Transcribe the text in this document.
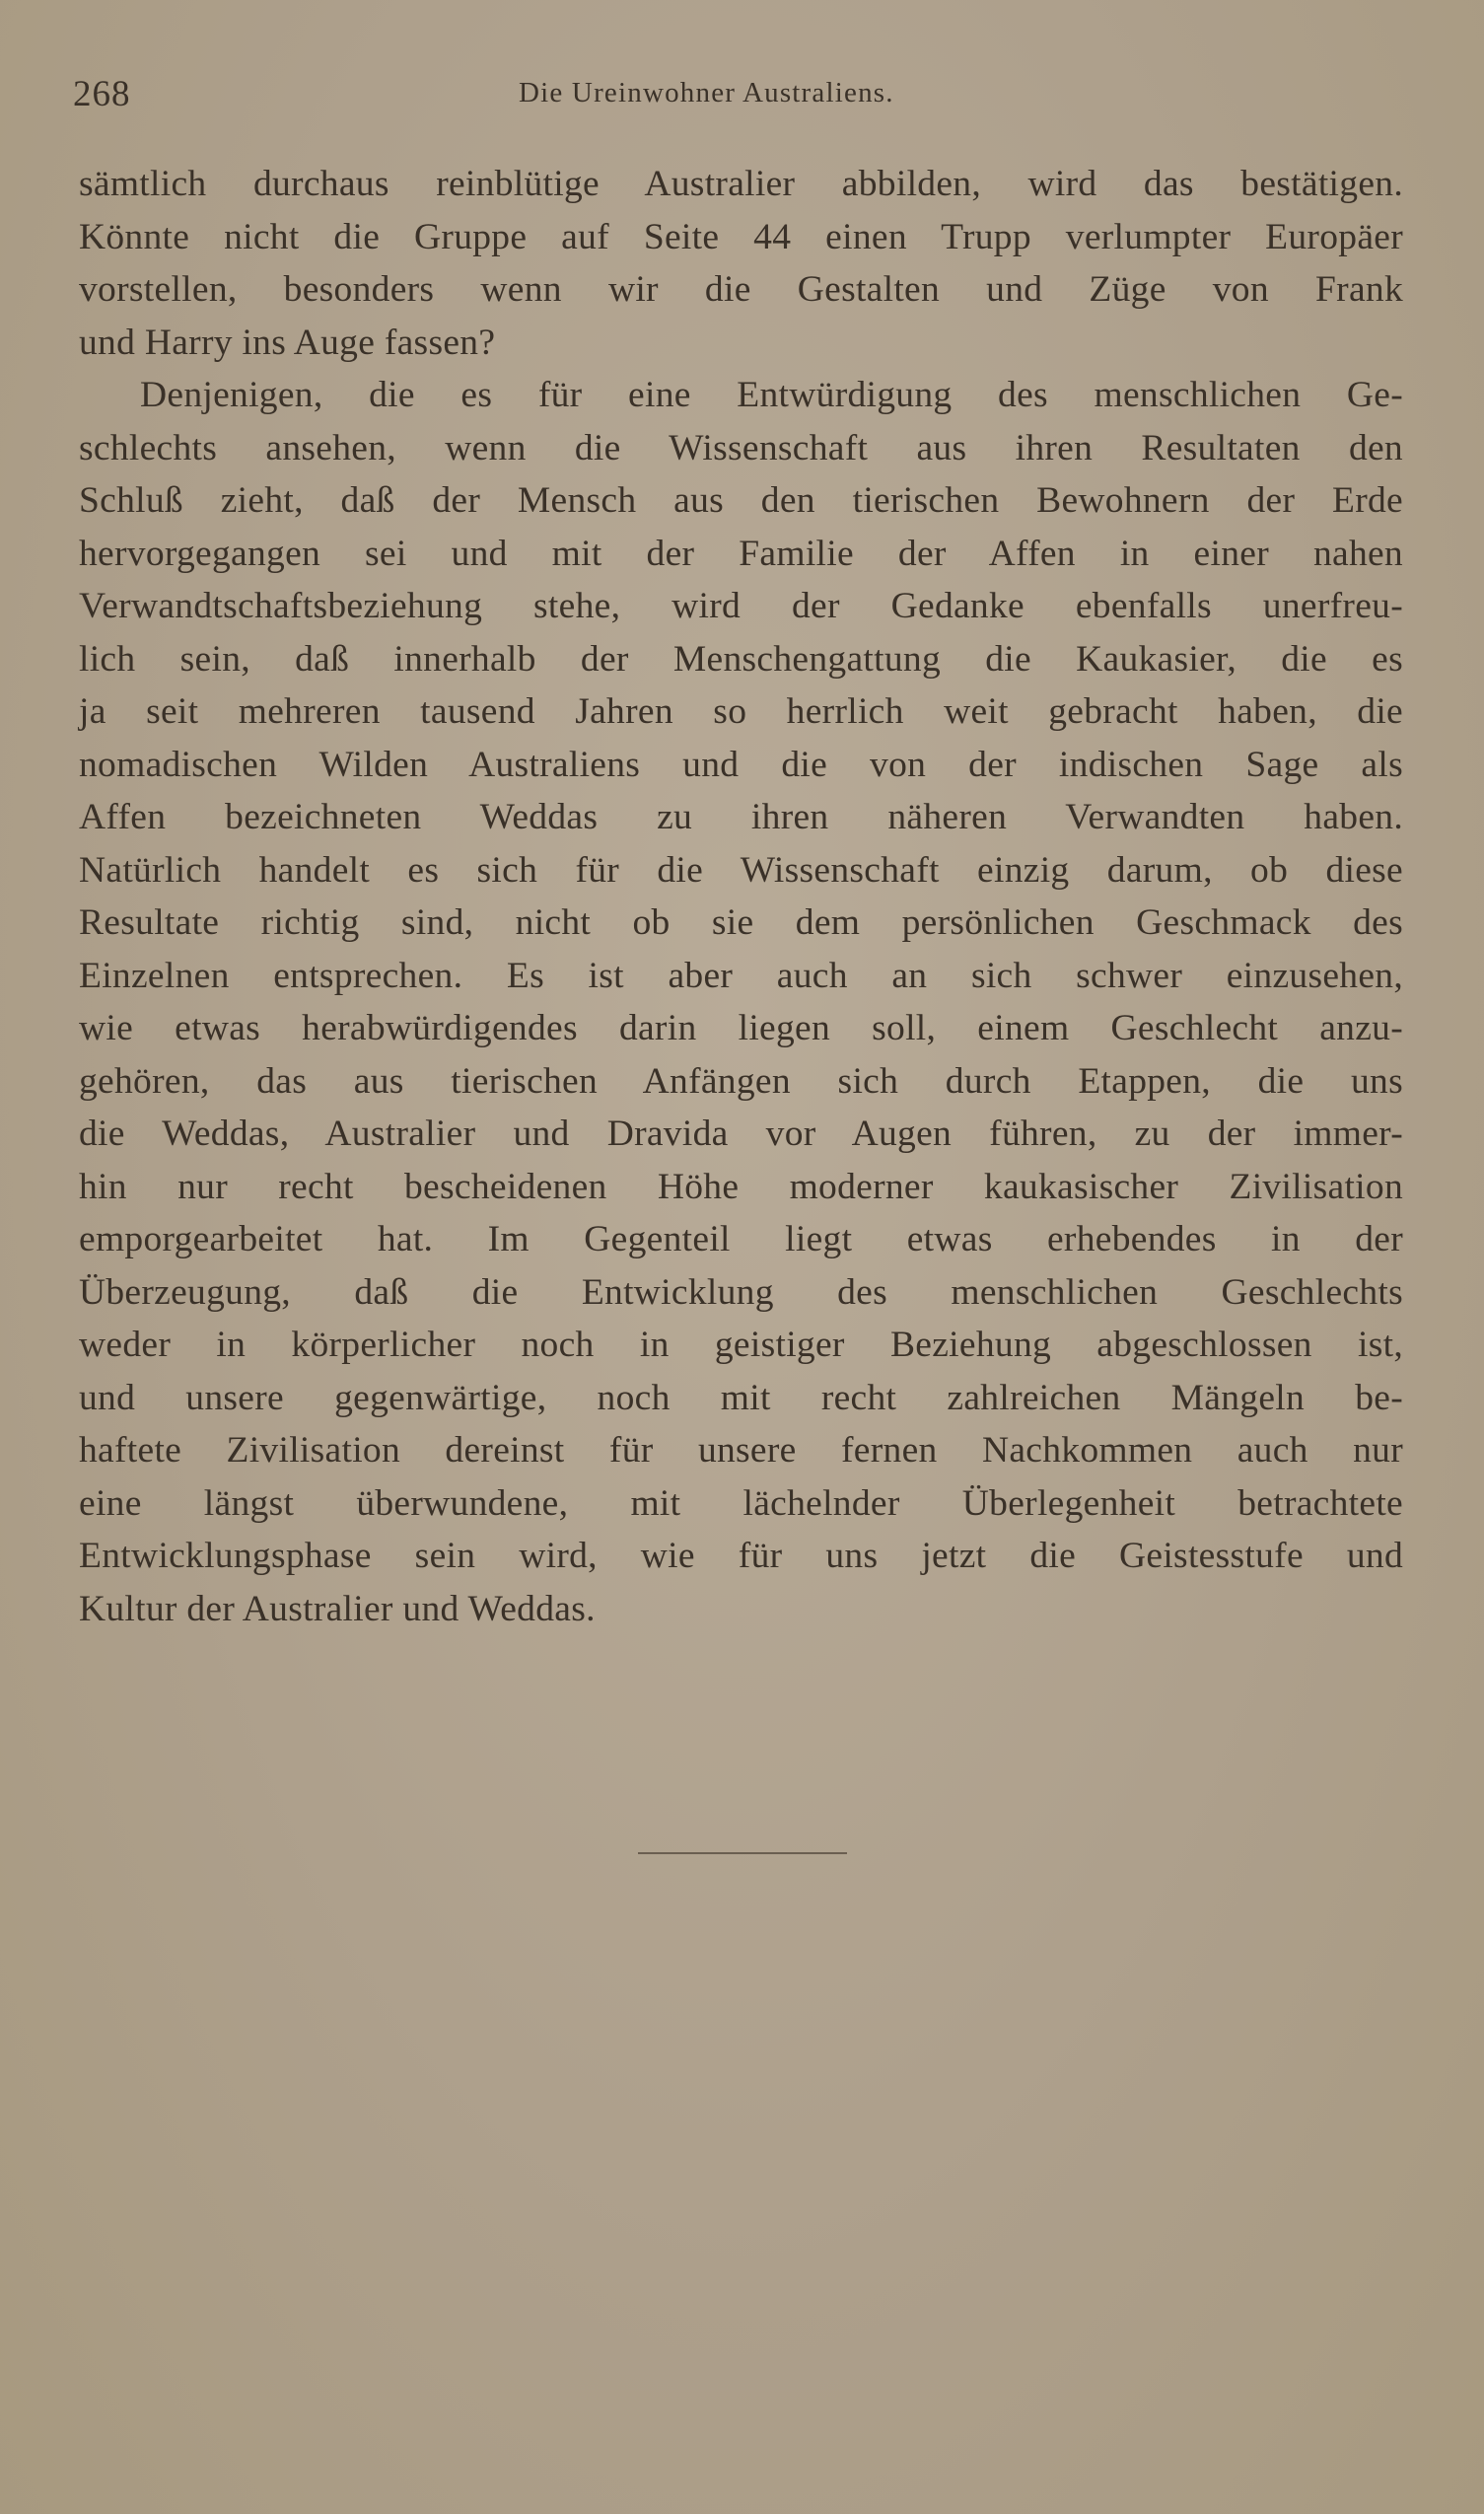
268	Die Ureinwohner Australiens.
sämtlich durchaus reinblütige Australier abbilden, wird das bestätigen.
Könnte nicht die Gruppe auf Seite 44 einen Trupp verlumpter Europäer
vorstellen, besonders wenn wir die Gestalten und Züge von Frank
und Harry ins Auge fassen?
Denjenigen, die es für eine Entwürdigung des menschlichen Ge-
schlechts ansehen, wenn die Wissenschaft aus ihren Resultaten den
Schluß zieht, daß der Mensch aus den tierischen Bewohnern der Erde
hervorgegangen sei und mit der Familie der Affen in einer nahen
Verwandtschaftsbeziehung stehe, wird der Gedanke ebenfalls unerfreu-
lich sein, daß innerhalb der Menschengattung die Kaukasier, die es
ja seit mehreren tausend Jahren so herrlich weit gebracht haben, die
nomadischen Wilden Australiens und die von der indischen Sage als
Affen bezeichneten Weddas zu ihren näheren Verwandten haben.
Natürlich handelt es sich für die Wissenschaft einzig darum, ob diese
Resultate richtig sind, nicht ob sie dem persönlichen Geschmack des
Einzelnen entsprechen. Es ist aber auch an sich schwer einzusehen,
wie etwas herabwürdigendes darin liegen soll, einem Geschlecht anzu-
gehören, das aus tierischen Anfängen sich durch Etappen, die uns
die Weddas, Australier und Dravida vor Augen führen, zu der immer-
hin nur recht bescheidenen Höhe moderner kaukasischer Zivilisation
emporgearbeitet hat. Im Gegenteil liegt etwas erhebendes in der
Überzeugung, daß die Entwicklung des menschlichen Geschlechts
weder in körperlicher noch in geistiger Beziehung abgeschlossen ist,
und unsere gegenwärtige, noch mit recht zahlreichen Mängeln be-
haftete Zivilisation dereinst für unsere fernen Nachkommen auch nur
eine längst überwundene, mit lächelnder Überlegenheit betrachtete
Entwicklungsphase sein wird, wie für uns jetzt die Geistesstufe und
Kultur der Australier und Weddas.
